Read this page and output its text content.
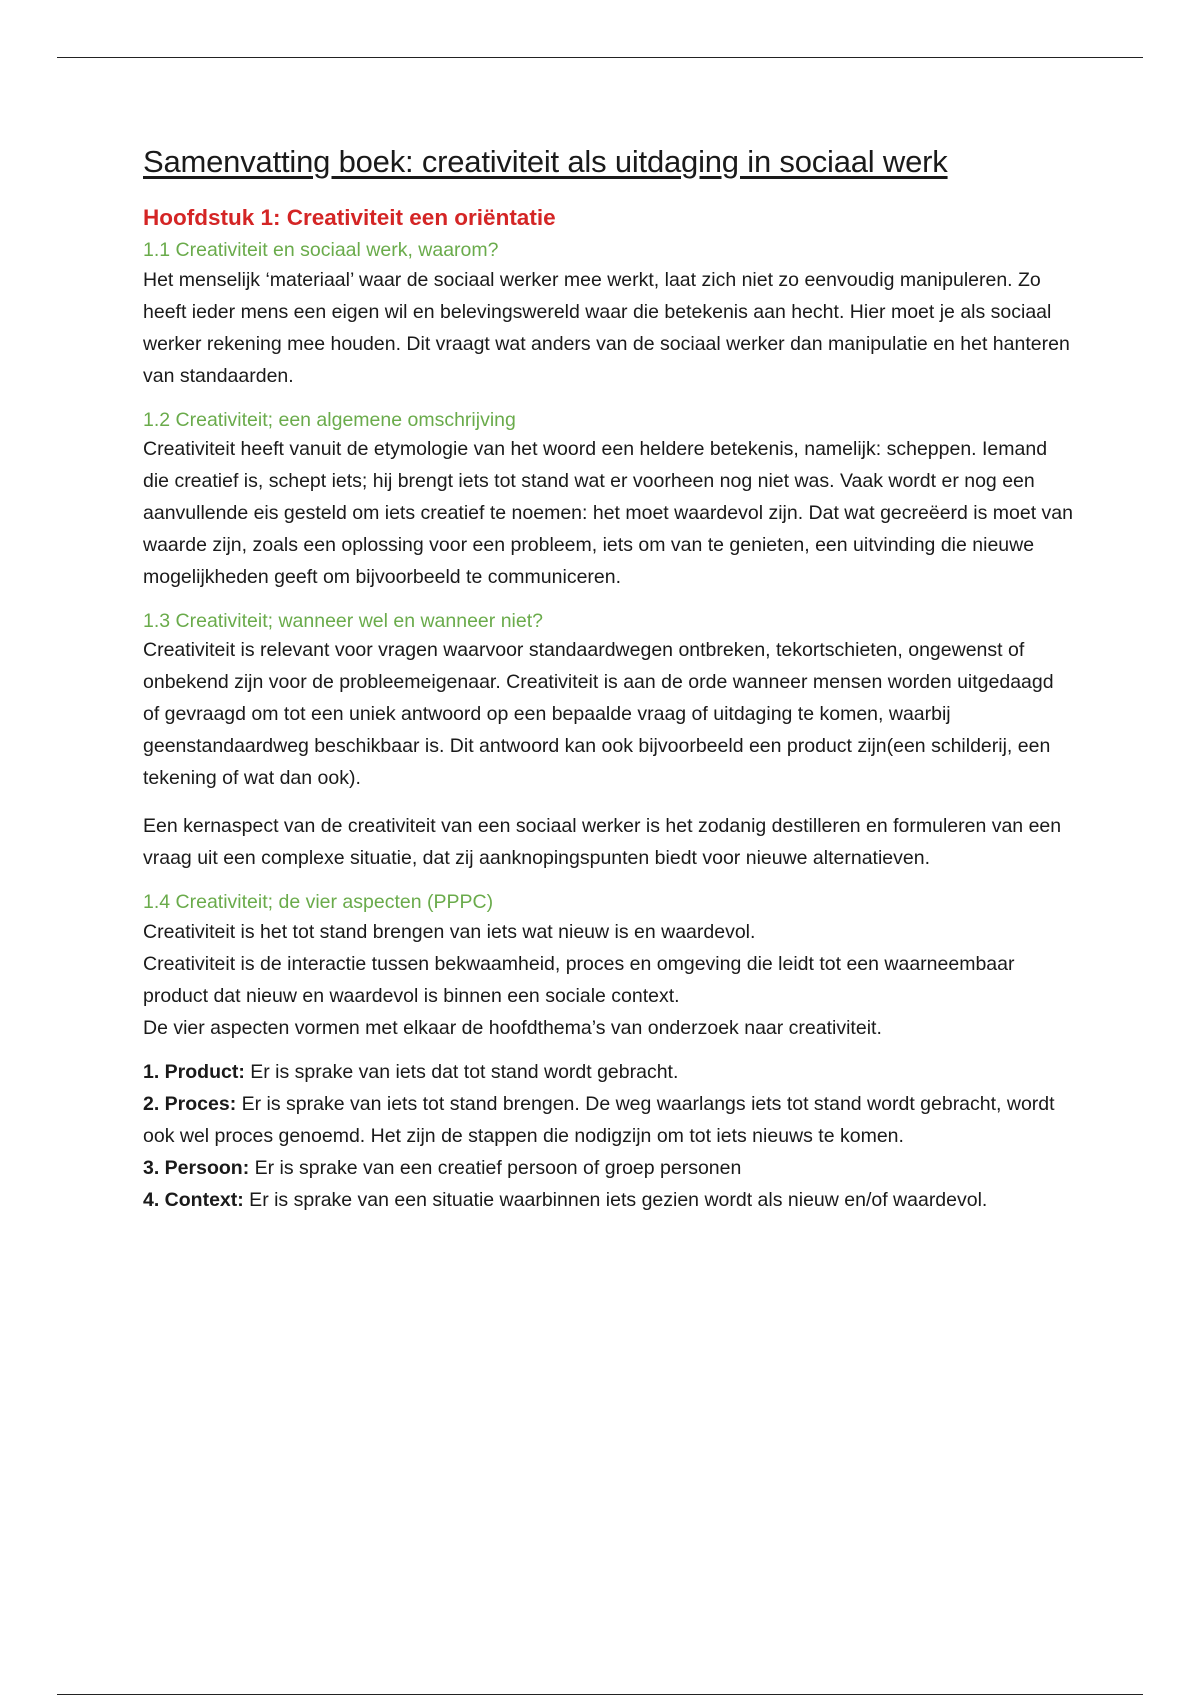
Samenvatting boek: creativiteit als uitdaging in sociaal werk
Hoofdstuk 1: Creativiteit een oriëntatie
1.1 Creativiteit en sociaal werk, waarom?

Het menselijk ‘materiaal’ waar de sociaal werker mee werkt, laat zich niet zo eenvoudig manipuleren. Zo heeft ieder mens een eigen wil en belevingswereld waar die betekenis aan hecht. Hier moet je als sociaal werker rekening mee houden. Dit vraagt wat anders van de sociaal werker dan manipulatie en het hanteren van standaarden.

1.2 Creativiteit; een algemene omschrijving

Creativiteit heeft vanuit de etymologie van het woord een heldere betekenis, namelijk: scheppen. Iemand die creatief is, schept iets; hij brengt iets tot stand wat er voorheen nog niet was. Vaak wordt er nog een aanvullende eis gesteld om iets creatief te noemen: het moet waardevol zijn. Dat wat gecreëerd is moet van waarde zijn, zoals een oplossing voor een probleem, iets om van te genieten, een uitvinding die nieuwe mogelijkheden geeft om bijvoorbeeld te communiceren.

1.3 Creativiteit; wanneer wel en wanneer niet?

Creativiteit is relevant voor vragen waarvoor standaardwegen ontbreken, tekortschieten, ongewenst of onbekend zijn voor de probleemeigenaar. Creativiteit is aan de orde wanneer mensen worden uitgedaagd of gevraagd om tot een uniek antwoord op een bepaalde vraag of uitdaging te komen, waarbij geenstandaardweg beschikbaar is. Dit antwoord kan ook bijvoorbeeld een product zijn(een schilderij, een tekening of wat dan ook).

Een kernaspect van de creativiteit van een sociaal werker is het zodanig destilleren en formuleren van een vraag uit een complexe situatie, dat zij aanknopingspunten biedt voor nieuwe alternatieven.

1.4 Creativiteit; de vier aspecten (PPPC)

Creativiteit is het tot stand brengen van iets wat nieuw is en waardevol.

Creativiteit is de interactie tussen bekwaamheid, proces en omgeving die leidt tot een waarneembaar product dat nieuw en waardevol is binnen een sociale context.

De vier aspecten vormen met elkaar de hoofdthema’s van onderzoek naar creativiteit.

1. Product: Er is sprake van iets dat tot stand wordt gebracht.
2. Proces: Er is sprake van iets tot stand brengen. De weg waarlangs iets tot stand wordt gebracht, wordt ook wel proces genoemd. Het zijn de stappen die nodigzijn om tot iets nieuws te komen.
3. Persoon: Er is sprake van een creatief persoon of groep personen
4. Context: Er is sprake van een situatie waarbinnen iets gezien wordt als nieuw en/of waardevol.
